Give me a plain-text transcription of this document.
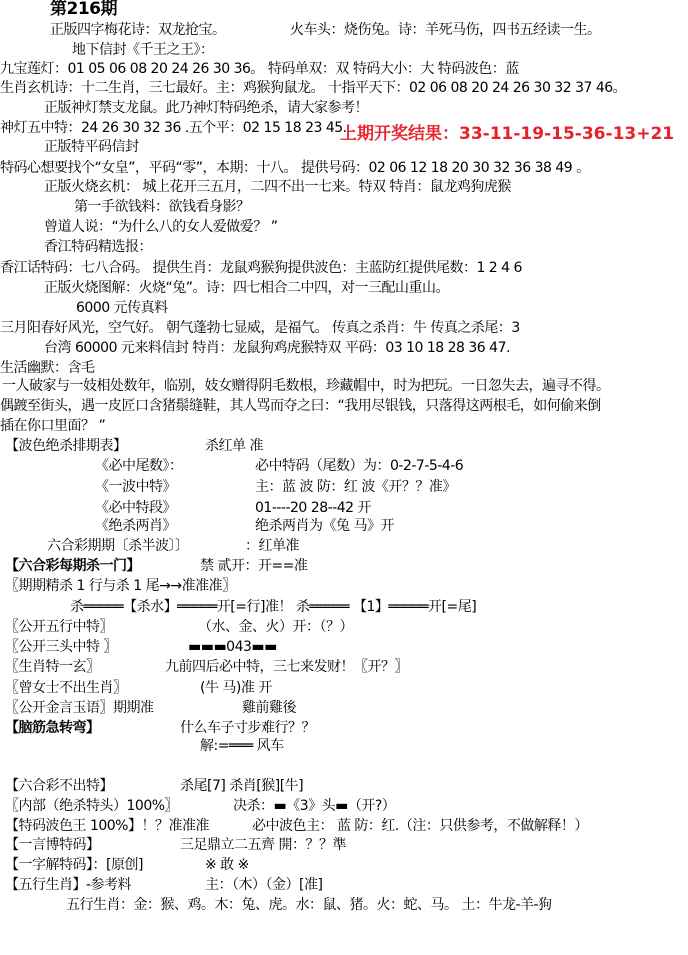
第216期
正版四字梅花诗：双龙抢宝。	火车头：烧伤兔。诗：羊死马伤，四书五经读一生。
地下信封《千王之王》：
九宝莲灯：01 05 06 08 20 24 26 30 36。 特码单双：双 特码大小：大 特码波色：蓝
生肖玄机诗：十二生肖，三七最好。主：鸡猴狗鼠龙。 十指平天下：02 06 08 20 24 26 30 32 37 46。
正版神灯禁支龙鼠。此乃神灯特码绝杀，请大家参考！
神灯五中特：24 26 30 32 36 .五个平：02 15 18 23 45.
上期开奖结果：33-11-19-15-36-13+21
正版特平码信封
特码心想要找个“女皇”，平码“零”，本期：十八。 提供号码：02 06 12 18 20 30 32 36 38 49 。
正版火烧玄机： 城上花开三五月，二四不出一七来。特双 特肖：鼠龙鸡狗虎猴
第一手欲钱料：欲钱看身影？
曾道人说：“为什么八的女人爱做爱？ ”
香江特码精选报：
香江话特码：七八合码。 提供生肖：龙鼠鸡猴狗提供波色：主蓝防红提供尾数：1 2 4 6
正版火烧图解：火烧“兔”。诗：四七相合二中四，对一三配山重山。
6000 元传真料
三月阳春好风光，空气好。 朝气蓬勃七显威，是福气。 传真之杀肖：牛 传真之杀尾：3
台湾 60000 元来料信封 特肖：龙鼠狗鸡虎猴特双 平码：03 10 18 28 36 47.
生活幽默：含毛
一人破家与一妓相处数年，临别，妓女赠得阴毛数根，珍藏帽中，时为把玩。一日忽失去，遍寻不得。
偶踱至街头，遇一皮匠口含猪鬃缝鞋，其人骂而夺之曰：“我用尽银钱，只落得这两根毛，如何偷来倒
插在你口里面？ ”
【波色绝杀排期表】	杀红单 准
《必中尾数》：	必中特码（尾数）为：0-2-7-5-4-6
《一波中特》	主：蓝 波 防：红 波《开？？准》
《必中特段》	01----20 28--42 开
《绝杀两肖》	绝杀两肖为《兔 马》开
六合彩期期〔杀半波〕〕	：红单准
【六合彩每期杀一门】	禁 贰开：开==准
〖期期精杀 1 行与杀 1 尾→→准准准〗
杀═════【杀水】═════开[=行]准！ 杀═════ 【1】═════开[=尾]
〖公开五行中特〗	（水、金、火）开：（？）
〖公开三头中特 〗	▬▬▬043▬▬
〖生肖特一玄〗	九前四后必中特，三七来发财！〖开？〗
〖曾女士不出生肖〗	(牛 马)准 开
〖公开金言玉语〗期期准	雞前雞後
【脑筋急转弯】	什么车子寸步难行？？
解:=═══ 风车
【六合彩不出特】	杀尾[7] 杀肖[猴][牛]
〖内部（绝杀特头）100%〗	决杀：▬《3》头▬（开?）
【特码波色王 100%】！？准准准	必中波色主： 蓝 防：红.（注：只供参考，不做解释！）
【一言博特码】	三足鼎立二五齊 開：？？準
【一字解特码】：[原创]	※ 敢 ※
【五行生肖】-参考料	主：（木）（金）[准]
五行生肖：金：猴、鸡。木：兔、虎。水：鼠、猪。火：蛇、马。 土：牛龙-羊-狗
